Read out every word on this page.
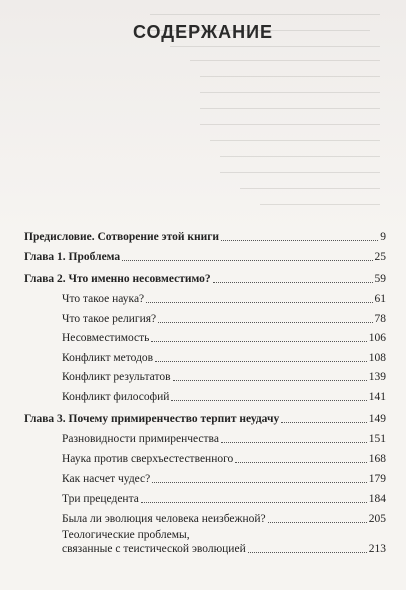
СОДЕРЖАНИЕ
Предисловие. Сотворение этой книги	9
Глава 1. Проблема	25
Глава 2. Что именно несовместимо?	59
Что такое наука?	61
Что такое религия?	78
Несовместимость	106
Конфликт методов	108
Конфликт результатов	139
Конфликт философий	141
Глава 3. Почему примиренчество терпит неудачу	149
Разновидности примиренчества	151
Наука против сверхъестественного	168
Как насчет чудес?	179
Три прецедента	184
Была ли эволюция человека неизбежной?	205
Теологические проблемы,
связанные с теистической эволюцией	213
